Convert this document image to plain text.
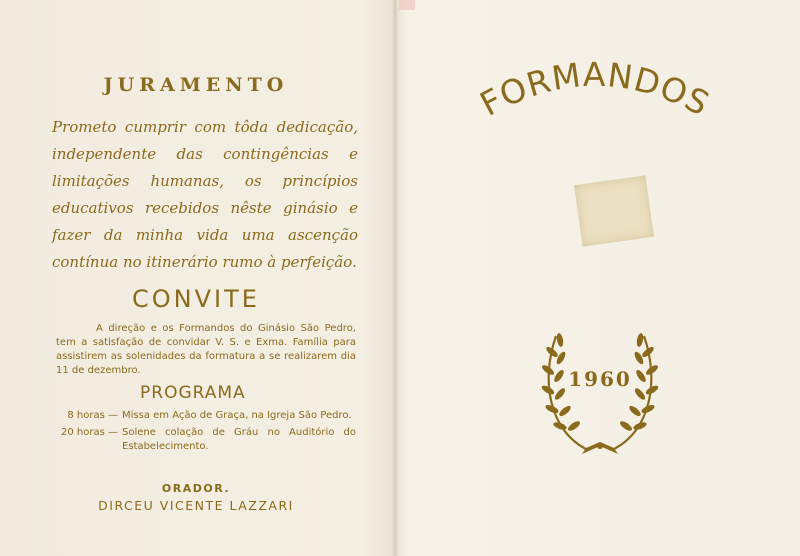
JURAMENTO
Prometo cumprir com tôda dedicação, independente das contingências e limitações humanas, os princípios educativos recebidos nêste ginásio e fazer da minha vida uma ascenção contínua no itinerário rumo à perfeição.
CONVITE
A direção e os Formandos do Ginásio São Pedro, tem a satisfação de convidar V. S. e Exma. Família para assistirem as solenidades da formatura a se realizarem dia 11 de dezembro.
PROGRAMA
8 horas — Missa em Ação de Graça, na Igreja São Pedro.
20 horas — Solene colação de Gráu no Auditório do Estabelecimento.
ORADOR.
DIRCEU VICENTE LAZZARI
FORMANDOS
1960
